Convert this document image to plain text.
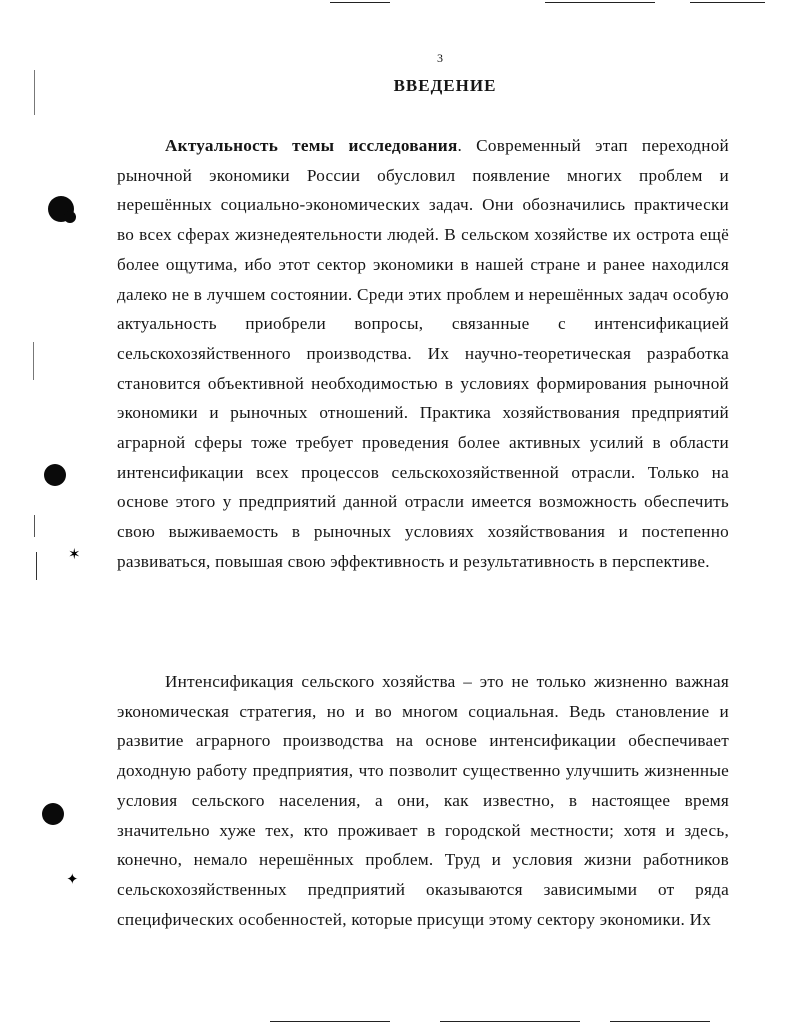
✶
✦
3
ВВЕДЕНИЕ

Актуальность темы исследования. Современный этап переходной рыночной экономики России обусловил появление многих проблем и нерешённых социально-экономических задач. Они обозначились практически во всех сферах жизнедеятельности людей. В сельском хозяйстве их острота ещё более ощутима, ибо этот сектор экономики в нашей стране и ранее находился далеко не в лучшем состоянии. Среди этих проблем и нерешённых задач особую актуальность приобрели вопросы, связанные с интенсификацией сельскохозяйственного производства. Их научно-теоретическая разработка становится объективной необходимостью в условиях формирования рыночной экономики и рыночных отношений. Практика хозяйствования предприятий аграрной сферы тоже требует проведения более активных усилий в области интенсификации всех процессов сельскохозяйственной отрасли. Только на основе этого у предприятий данной отрасли имеется возможность обеспечить свою выживаемость в рыночных условиях хозяйствования и постепенно развиваться, повышая свою эффективность и результативность в перспективе.

Интенсификация сельского хозяйства – это не только жизненно важная экономическая стратегия, но и во многом социальная. Ведь становление и развитие аграрного производства на основе интенсификации обеспечивает доходную работу предприятия, что позволит существенно улучшить жизненные условия сельского населения, а они, как известно, в настоящее время значительно хуже тех, кто проживает в городской местности; хотя и здесь, конечно, немало нерешённых проблем. Труд и условия жизни работников сельскохозяйственных предприятий оказываются зависимыми от ряда специфических особенностей, которые присущи этому сектору экономики. Их
